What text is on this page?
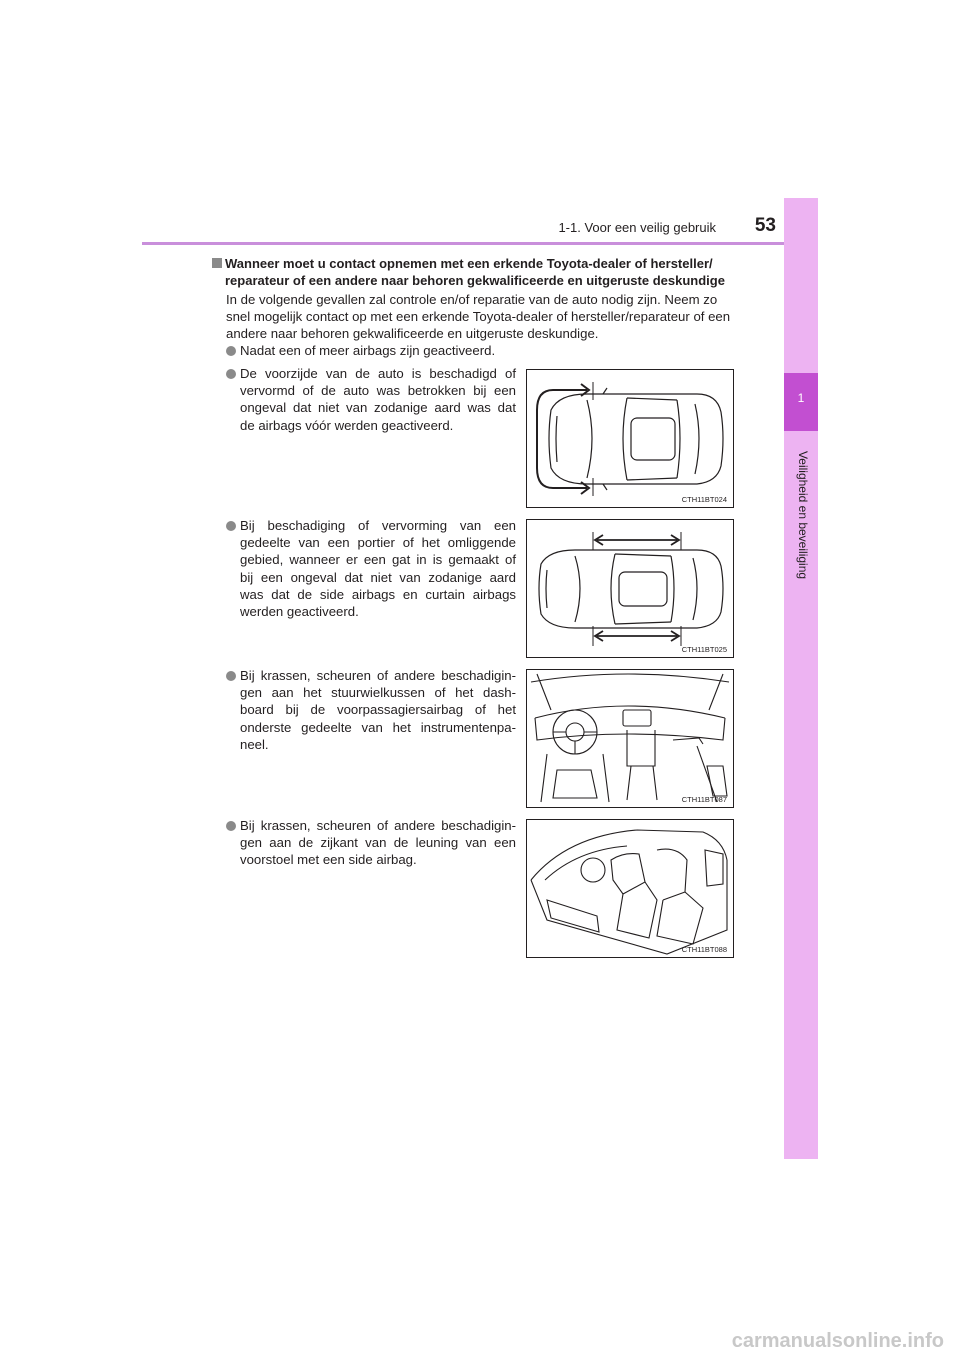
1-1. Voor een veilig gebruik	53
1
Veiligheid en beveiliging
Wanneer moet u contact opnemen met een erkende Toyota-dealer of hersteller/
reparateur of een andere naar behoren gekwalificeerde en uitgeruste deskundige
In de volgende gevallen zal controle en/of reparatie van de auto nodig zijn. Neem zo
snel mogelijk contact op met een erkende Toyota-dealer of hersteller/reparateur of een
andere naar behoren gekwalificeerde en uitgeruste deskundige.
Nadat een of meer airbags zijn geactiveerd.
De voorzijde van de auto is beschadigd of
vervormd of de auto was betrokken bij een
ongeval dat niet van zodanige aard was dat
de airbags vóór werden geactiveerd.
CTH11BT024
Bij beschadiging of vervorming van een
gedeelte van een portier of het omliggende
gebied, wanneer er een gat in is gemaakt of
bij een ongeval dat niet van zodanige aard
was dat de side airbags en curtain airbags
werden geactiveerd.
CTH11BT025
Bij krassen, scheuren of andere beschadigin-
gen aan het stuurwielkussen of het dash-
board bij de voorpassagiersairbag of het
onderste gedeelte van het instrumentenpa-
neel.
CTH11BT087
Bij krassen, scheuren of andere beschadigin-
gen aan de zijkant van de leuning van een
voorstoel met een side airbag.
CTH11BT088
carmanualsonline.info
